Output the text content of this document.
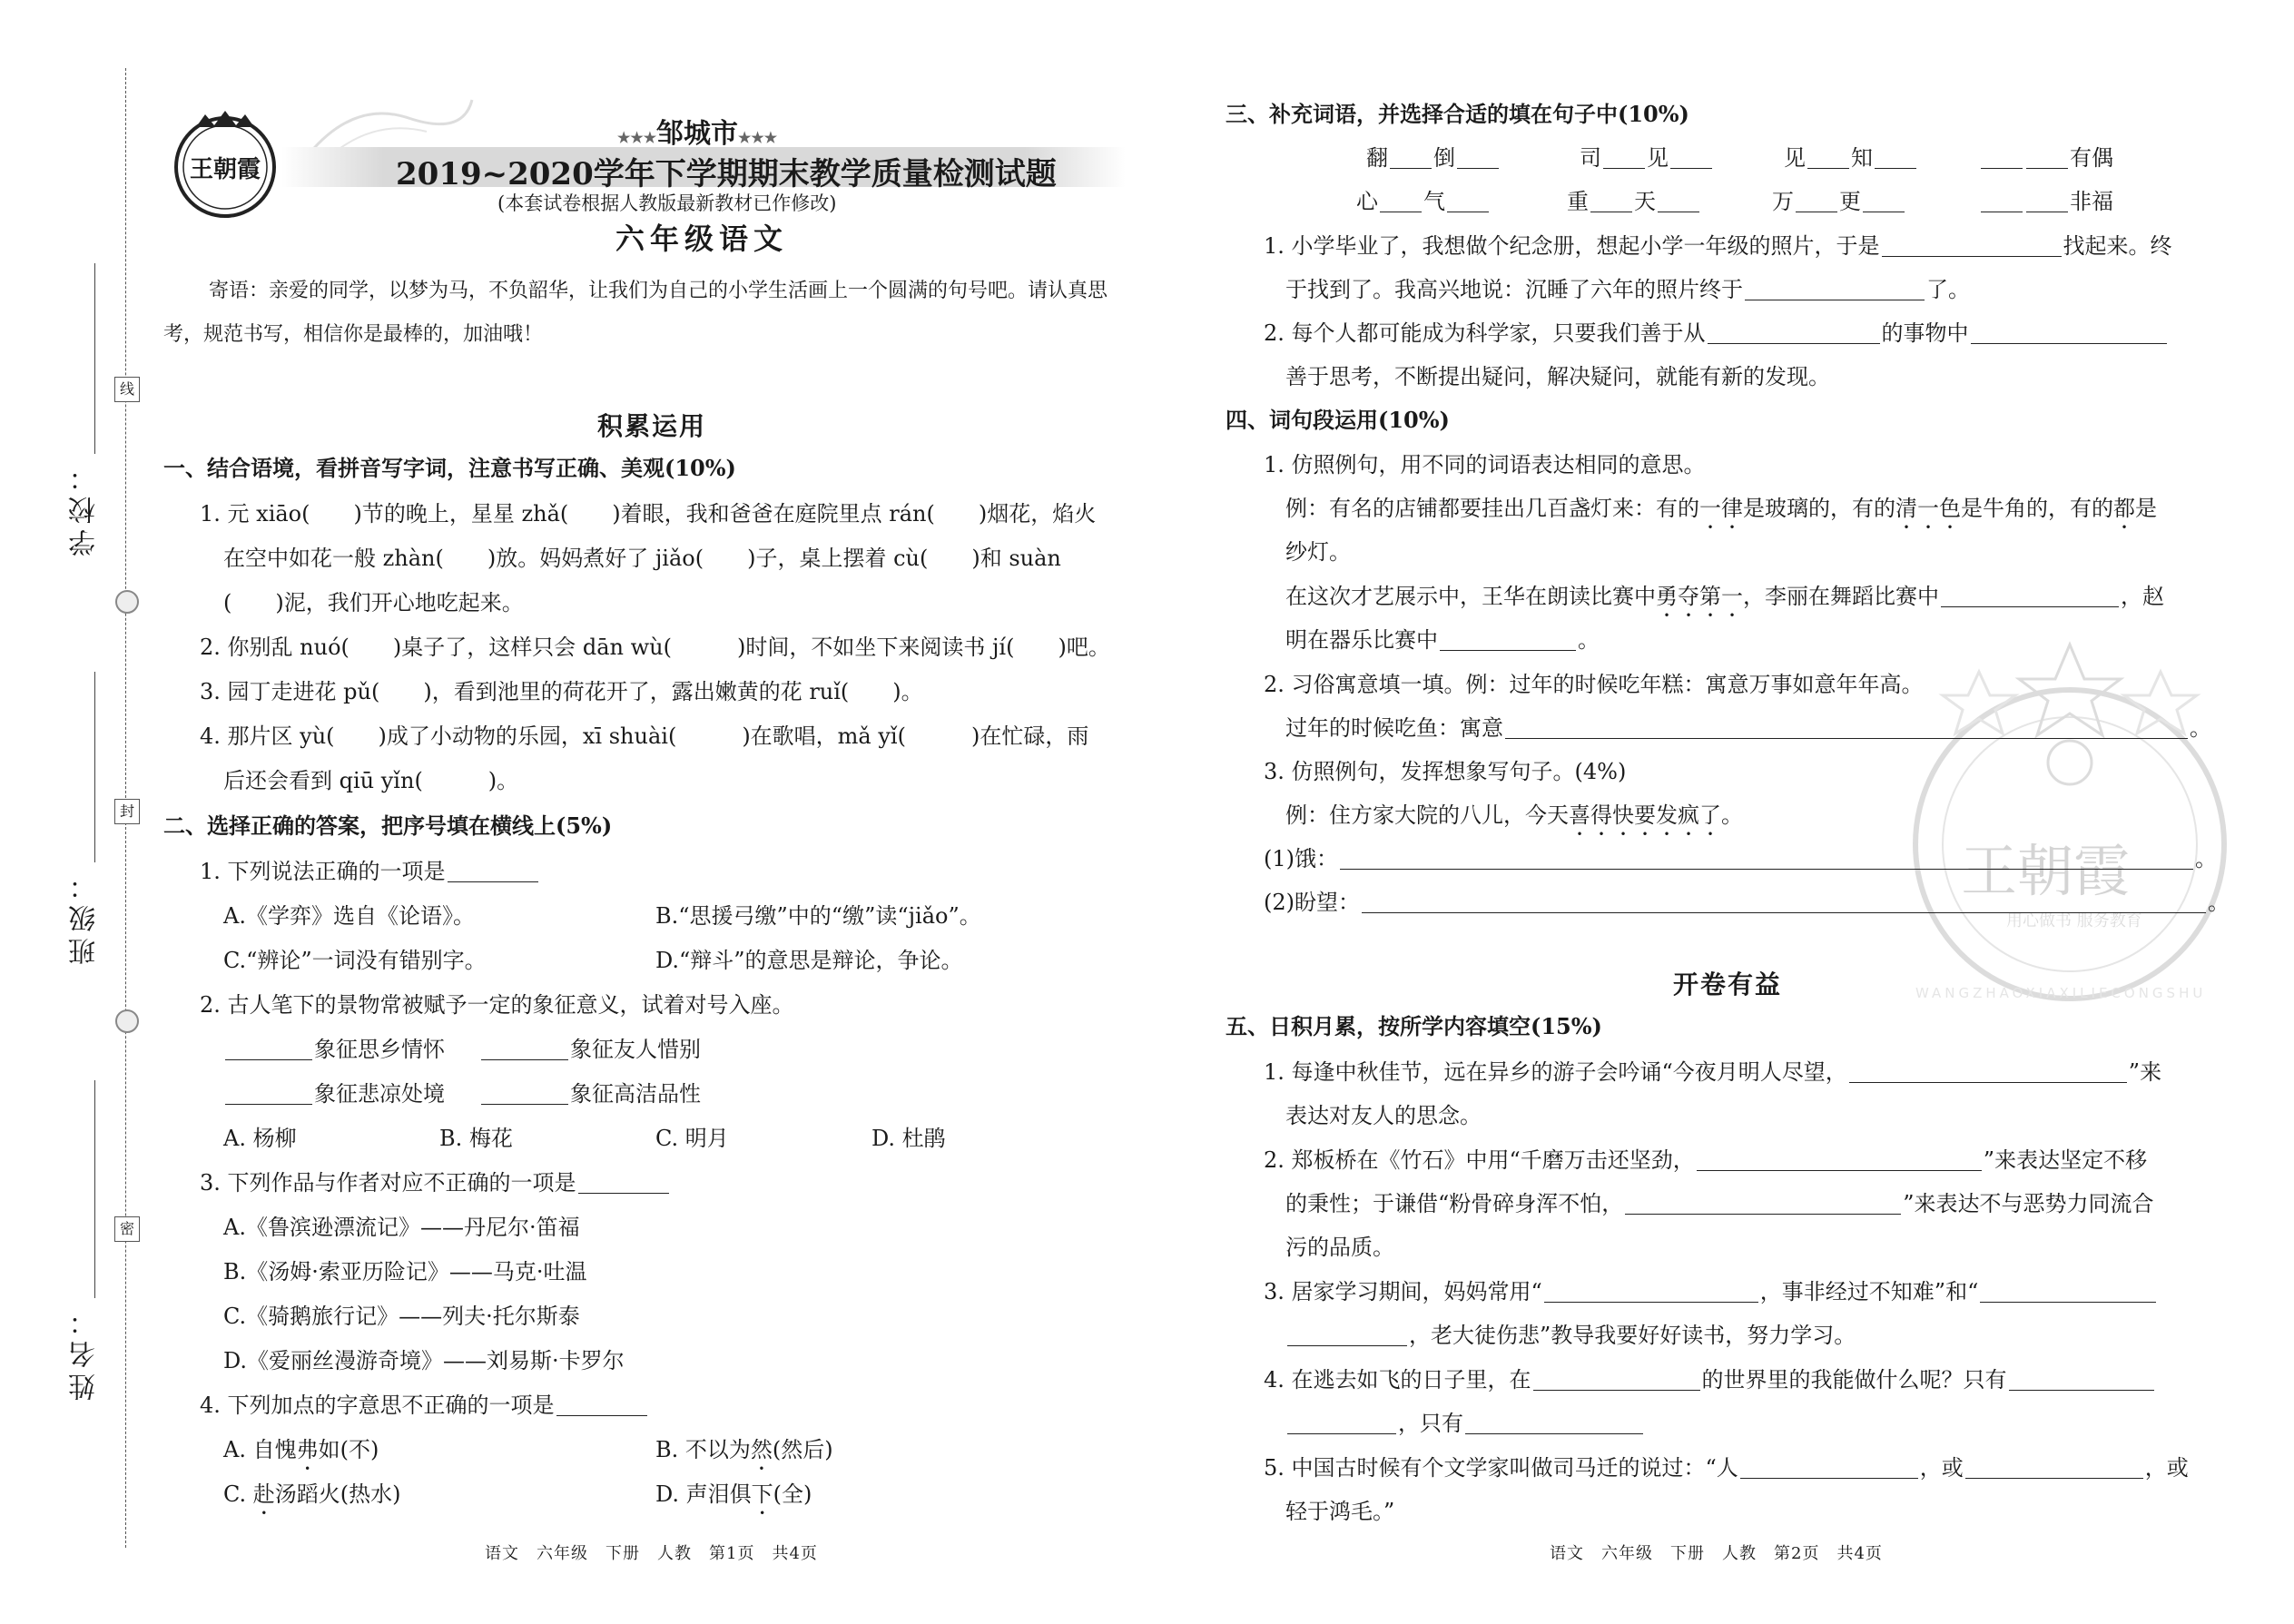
线
封
密
学校：
班级：
姓名：
王朝霞
★★★邹城市★★★
2019~2020学年下学期期末教学质量检测试题
(本套试卷根据人教版最新教材已作修改)
六年级语文
寄语：亲爱的同学，以梦为马，不负韶华，让我们为自己的小学生活画上一个圆满的句号吧。请认真思
考，规范书写，相信你是最棒的，加油哦！
积累运用
一、结合语境，看拼音写字词，注意书写正确、美观(10%)
1. 元 xiāo(　　)节的晚上，星星 zhǎ(　　)着眼，我和爸爸在庭院里点 rán(　　)烟花，焰火
在空中如花一般 zhàn(　　)放。妈妈煮好了 jiǎo(　　)子，桌上摆着 cù(　　)和 suàn
(　　)泥，我们开心地吃起来。
2. 你别乱 nuó(　　)桌子了，这样只会 dān wù(　　　)时间，不如坐下来阅读书 jí(　　)吧。
3. 园丁走进花 pǔ(　　)，看到池里的荷花开了，露出嫩黄的花 ruǐ(　　)。
4. 那片区 yù(　　)成了小动物的乐园，xī shuài(　　　)在歌唱，mǎ yǐ(　　　)在忙碌，雨
后还会看到 qiū yǐn(　　　)。
二、选择正确的答案，把序号填在横线上(5%)
1. 下列说法正确的一项是
A.《学弈》选自《论语》。	B.“思援弓缴”中的“缴”读“jiǎo”。
C.“辨论”一词没有错别字。	D.“辩斗”的意思是辩论，争论。
2. 古人笔下的景物常被赋予一定的象征意义，试着对号入座。
象征思乡情怀	象征友人惜别
象征悲凉处境	象征高洁品性
A. 杨柳	B. 梅花	C. 明月	D. 杜鹃
3. 下列作品与作者对应不正确的一项是
A.《鲁滨逊漂流记》——丹尼尔·笛福
B.《汤姆·索亚历险记》——马克·吐温
C.《骑鹅旅行记》——列夫·托尔斯泰
D.《爱丽丝漫游奇境》——刘易斯·卡罗尔
4. 下列加点的字意思不正确的一项是
A. 自愧弗如(不)	B. 不以为然(然后)
C. 赴汤蹈火(热水)	D. 声泪俱下(全)
语文　六年级　下册　人教　第1页　共4页
王朝霞
用心做书 服务教育
WANGZHAOXIAXILIECONGSHU
三、补充词语，并选择合适的填在句子中(10%)
翻 倒	司 见	见 知	有偶
心 气	重 天	万 更	非福
1. 小学毕业了，我想做个纪念册，想起小学一年级的照片，于是	找起来。终
于找到了。我高兴地说：沉睡了六年的照片终于	了。
2. 每个人都可能成为科学家，只要我们善于从	的事物中
善于思考，不断提出疑问，解决疑问，就能有新的发现。
四、词句段运用(10%)
1. 仿照例句，用不同的词语表达相同的意思。
例：有名的店铺都要挂出几百盏灯来：有的一律是玻璃的，有的清一色是牛角的，有的都是
纱灯。
在这次才艺展示中，王华在朗读比赛中勇夺第一，李丽在舞蹈比赛中	，赵
明在器乐比赛中	。
2. 习俗寓意填一填。例：过年的时候吃年糕：寓意万事如意年年高。
过年的时候吃鱼：寓意	。
3. 仿照例句，发挥想象写句子。(4%)
例：住方家大院的八儿，今天喜得快要发疯了。
(1)饿：	。
(2)盼望：	。
开卷有益
五、日积月累，按所学内容填空(15%)
1. 每逢中秋佳节，远在异乡的游子会吟诵“今夜月明人尽望，	”来
表达对友人的思念。
2. 郑板桥在《竹石》中用“千磨万击还坚劲，	”来表达坚定不移
的秉性；于谦借“粉骨碎身浑不怕，	”来表达不与恶势力同流合
污的品质。
3. 居家学习期间，妈妈常用“	，事非经过不知难”和“
，老大徒伤悲”教导我要好好读书，努力学习。
4. 在逃去如飞的日子里，在	的世界里的我能做什么呢？只有
，只有
5. 中国古时候有个文学家叫做司马迁的说过：“人	，或	，或
轻于鸿毛。”
语文　六年级　下册　人教　第2页　共4页
